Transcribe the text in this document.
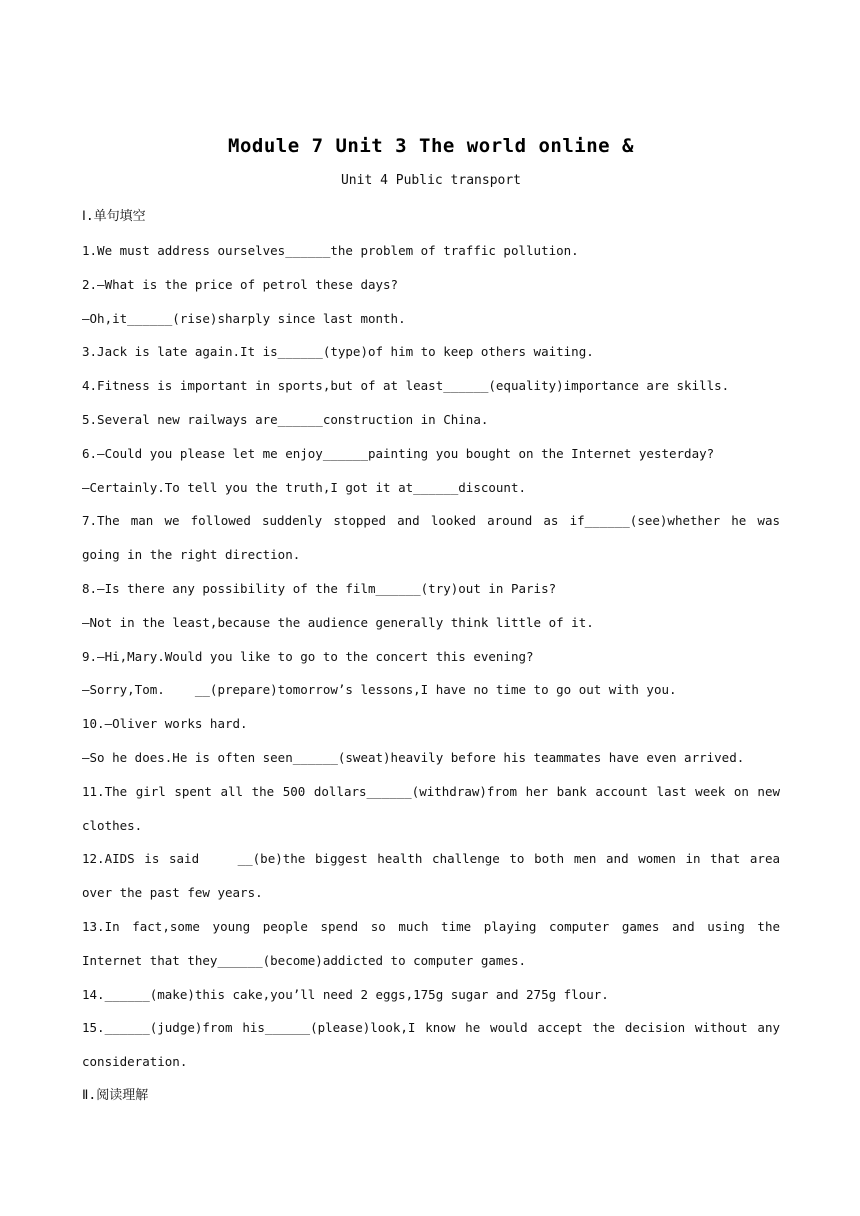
Module 7 Unit 3 The world online &

Unit 4 Public transport

Ⅰ.单句填空

1.We must address ourselves______the problem of traffic pollution.

2.—What is the price of petrol these days?

—Oh,it______(rise)sharply since last month.

3.Jack is late again.It is______(type)of him to keep others waiting.

4.Fitness is important in sports,but of at least______(equality)importance are skills.

5.Several new railways are______construction in China.

6.—Could you please let me enjoy______painting you bought on the Internet yesterday?

—Certainly.To tell you the truth,I got it at______discount.

7.The man we followed suddenly stopped and looked around as if______(see)whether he was going in the right direction.

8.—Is there any possibility of the film______(try)out in Paris?

—Not in the least,because the audience generally think little of it.

9.—Hi,Mary.Would you like to go to the concert this evening?

—Sorry,Tom.    __(prepare)tomorrow’s lessons,I have no time to go out with you.

10.—Oliver works hard.

—So he does.He is often seen______(sweat)heavily before his teammates have even arrived.

11.The girl spent all the 500 dollars______(withdraw)from her bank account last week on new clothes.

12.AIDS is said    __(be)the biggest health challenge to both men and women in that area over the past few years.

13.In fact,some young people spend so much time playing computer games and using the Internet that they______(become)addicted to computer games.

14.______(make)this cake,you’ll need 2 eggs,175g sugar and 275g flour.

15.______(judge)from his______(please)look,I know he would accept the decision without any consideration.

Ⅱ.阅读理解
